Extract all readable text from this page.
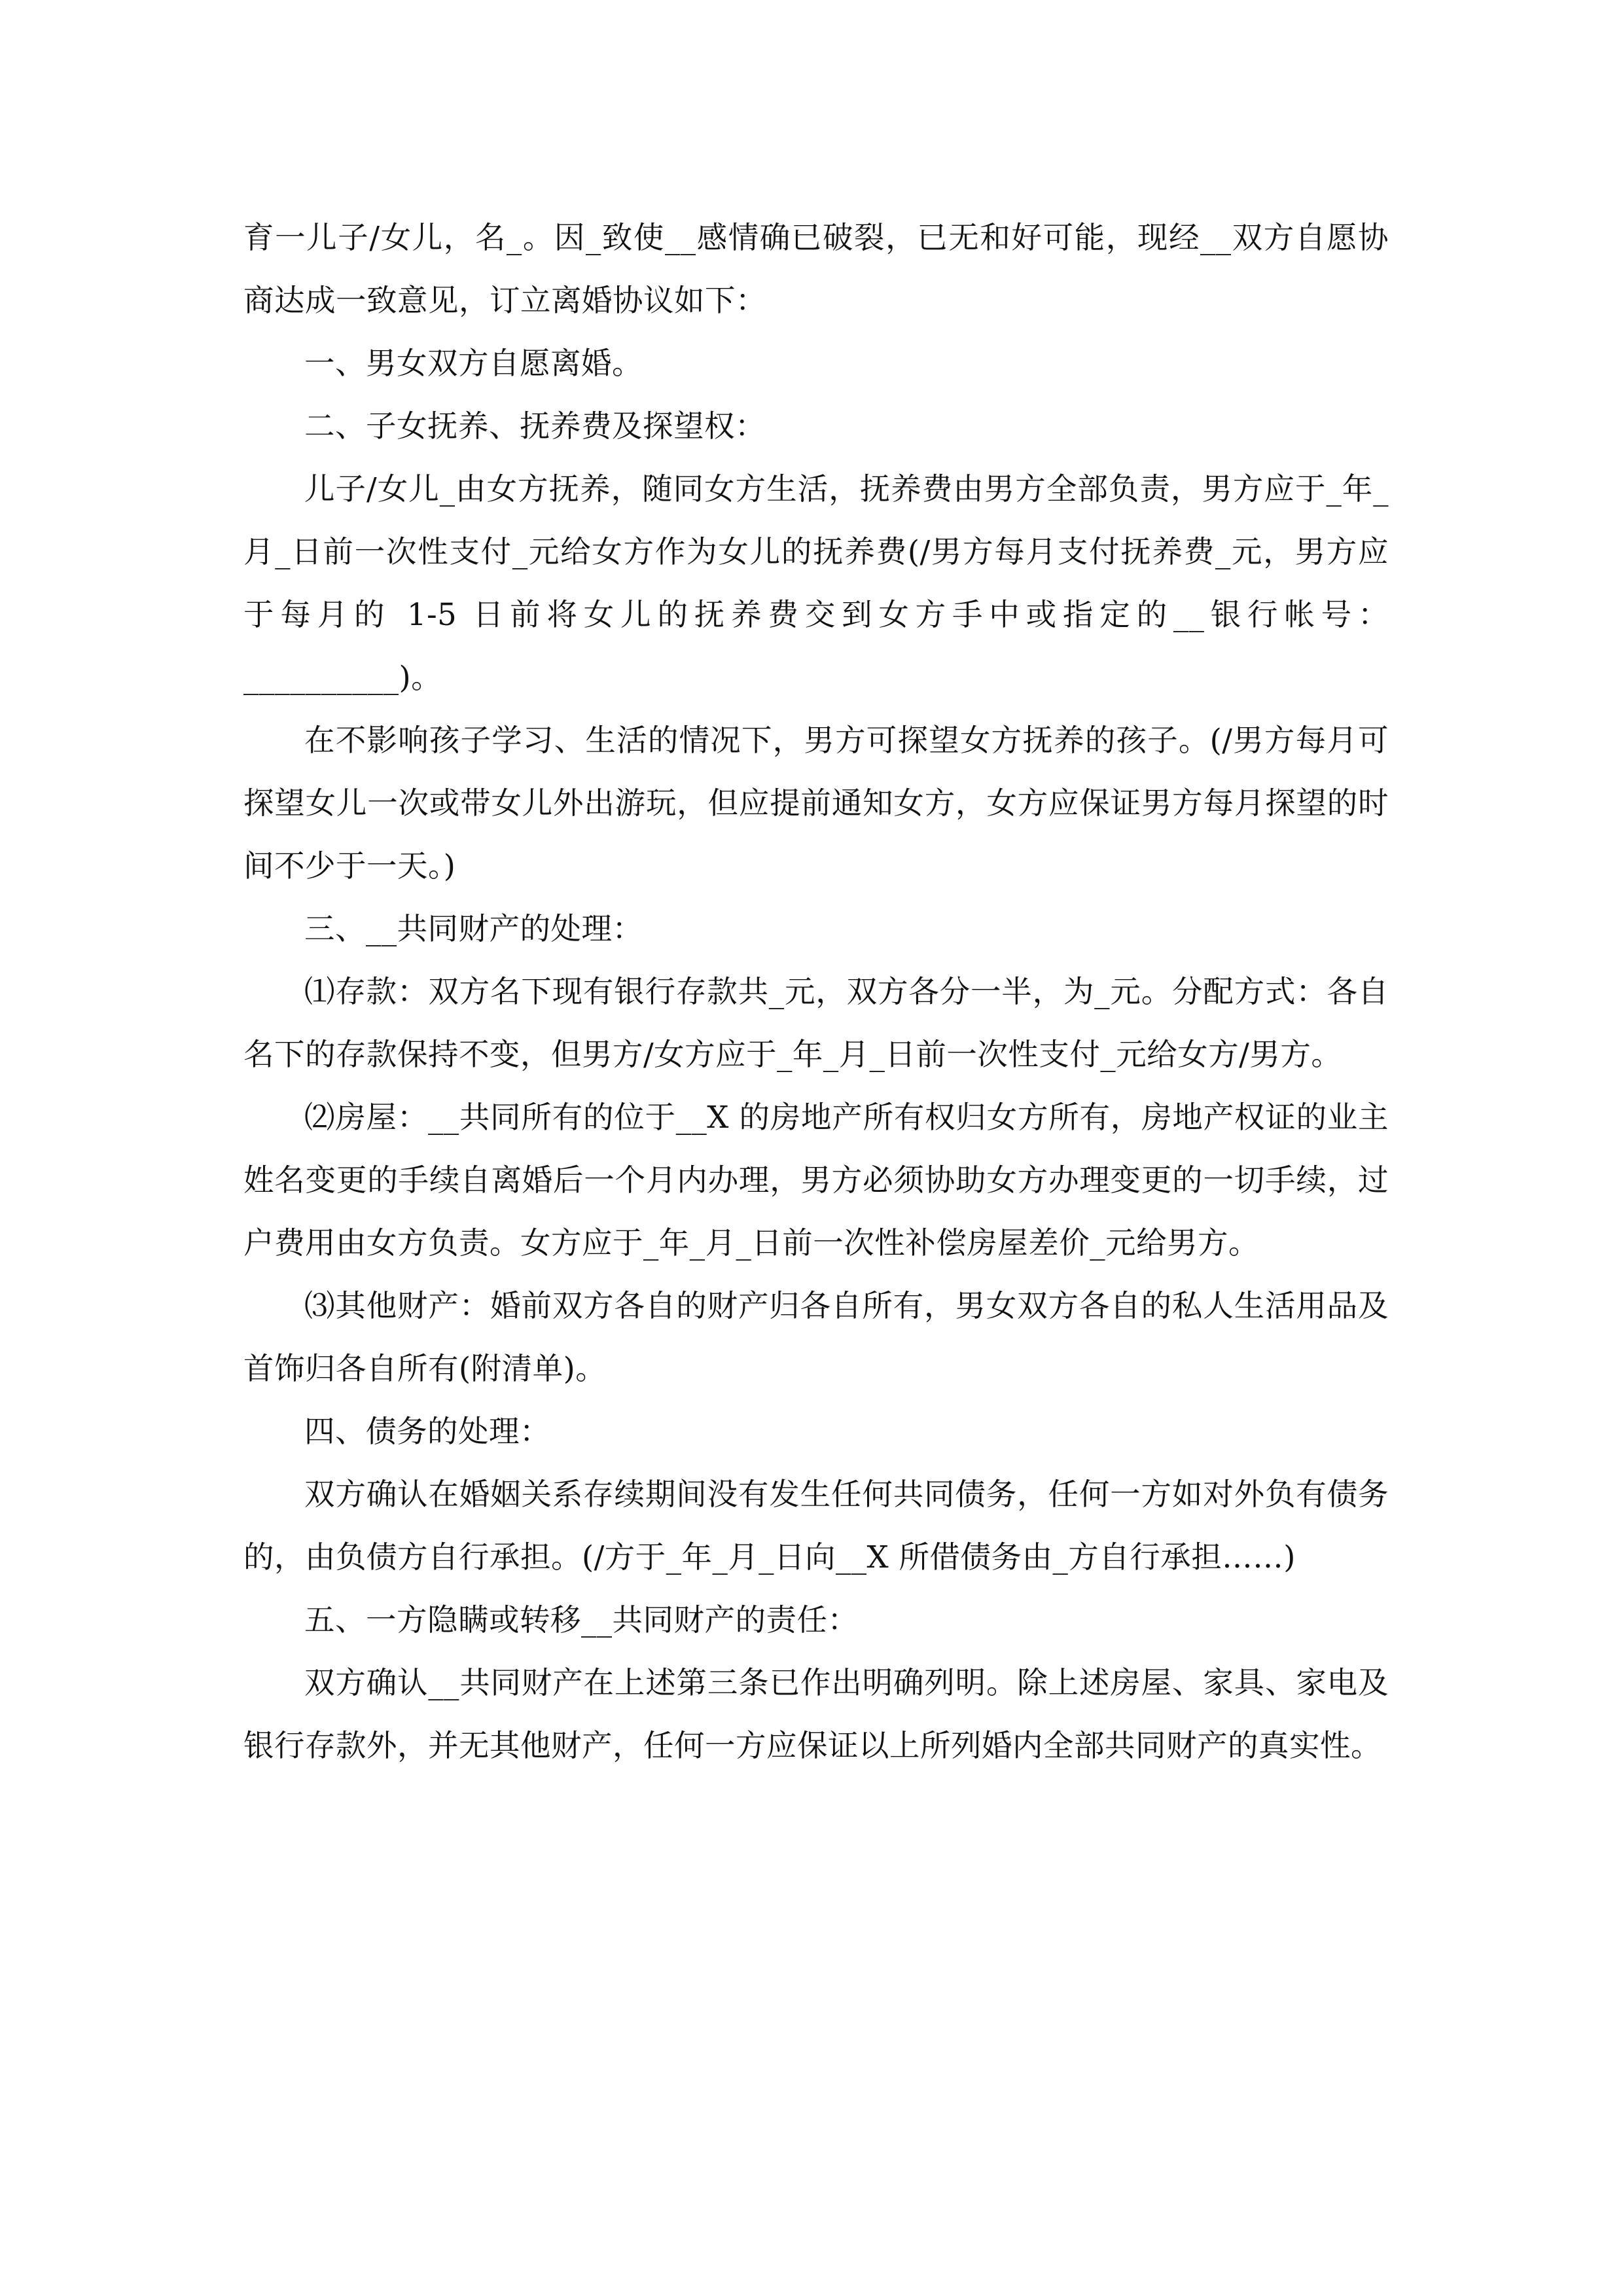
育一儿子/女儿，名_。因_致使__感情确已破裂，已无和好可能，现经__双方自愿协商达成一致意见，订立离婚协议如下：

一、男女双方自愿离婚。

二、子女抚养、抚养费及探望权：

儿子/女儿_由女方抚养，随同女方生活，抚养费由男方全部负责，男方应于_年_月_日前一次性支付_元给女方作为女儿的抚养费(/男方每月支付抚养费_元，男方应于每月的 1-5 日前将女儿的抚养费交到女方手中或指定的__银行帐号：__________)。

在不影响孩子学习、生活的情况下，男方可探望女方抚养的孩子。(/男方每月可探望女儿一次或带女儿外出游玩，但应提前通知女方，女方应保证男方每月探望的时间不少于一天。)

三、__共同财产的处理：

⑴存款：双方名下现有银行存款共_元，双方各分一半，为_元。分配方式：各自名下的存款保持不变，但男方/女方应于_年_月_日前一次性支付_元给女方/男方。

⑵房屋：__共同所有的位于__X 的房地产所有权归女方所有，房地产权证的业主姓名变更的手续自离婚后一个月内办理，男方必须协助女方办理变更的一切手续，过户费用由女方负责。女方应于_年_月_日前一次性补偿房屋差价_元给男方。

⑶其他财产：婚前双方各自的财产归各自所有，男女双方各自的私人生活用品及首饰归各自所有(附清单)。

四、债务的处理：

双方确认在婚姻关系存续期间没有发生任何共同债务，任何一方如对外负有债务的，由负债方自行承担。(/方于_年_月_日向__X 所借债务由_方自行承担……)

五、一方隐瞒或转移__共同财产的责任：

双方确认__共同财产在上述第三条已作出明确列明。除上述房屋、家具、家电及银行存款外，并无其他财产，任何一方应保证以上所列婚内全部共同财产的真实性。
